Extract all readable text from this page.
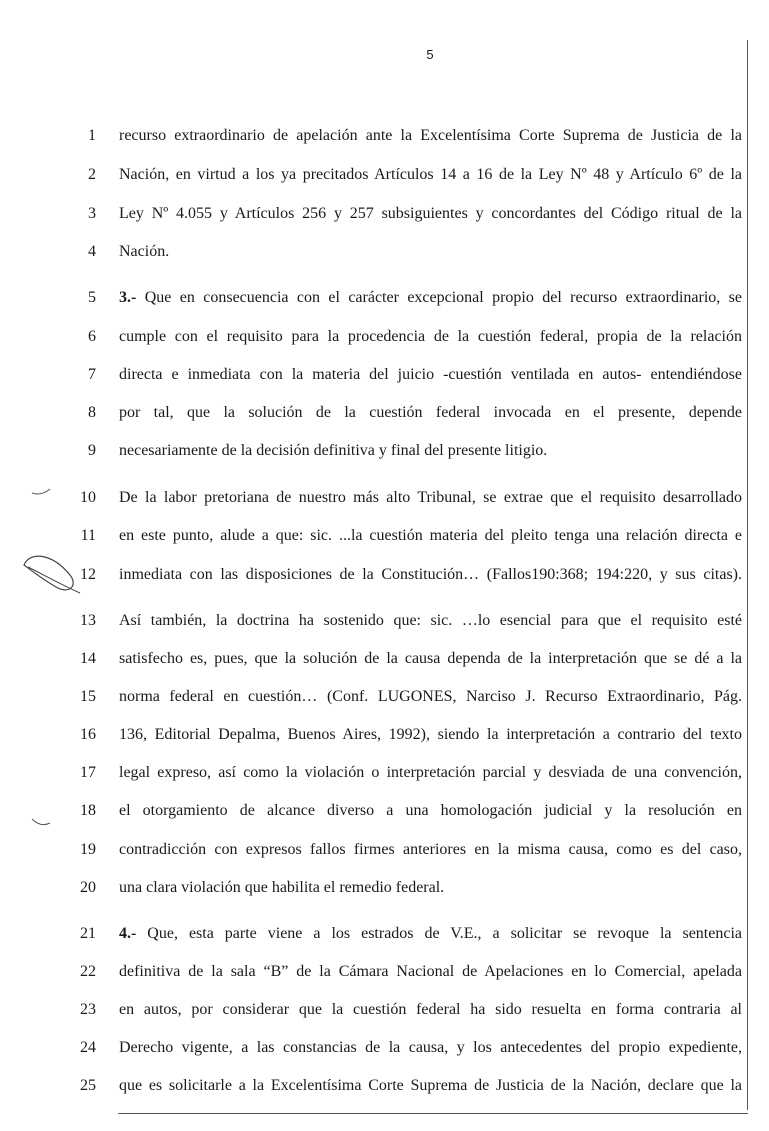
5
1 recurso extraordinario de apelación ante la Excelentísima Corte Suprema de Justicia de la
2 Nación, en virtud a los ya precitados Artículos 14 a 16 de la Ley Nº 48 y Artículo 6º de la
3 Ley Nº 4.055 y Artículos 256 y 257 subsiguientes y concordantes del Código ritual de la
4 Nación.
5 3.- Que en consecuencia con el carácter excepcional propio del recurso extraordinario, se
6 cumple con el requisito para la procedencia de la cuestión federal, propia de la relación
7 directa e inmediata con la materia del juicio -cuestión ventilada en autos- entendiéndose
8 por tal, que la solución de la cuestión federal invocada en el presente, depende
9 necesariamente de la decisión definitiva y final del presente litigio.
10 De la labor pretoriana de nuestro más alto Tribunal, se extrae que el requisito desarrollado
11 en este punto, alude a que: sic. ...la cuestión materia del pleito tenga una relación directa e
12 inmediata con las disposiciones de la Constitución… (Fallos190:368; 194:220, y sus citas).
13 Así también, la doctrina ha sostenido que: sic. …lo esencial para que el requisito esté
14 satisfecho es, pues, que la solución de la causa dependa de la interpretación que se dé a la
15 norma federal en cuestión… (Conf. LUGONES, Narciso J. Recurso Extraordinario, Pág.
16 136, Editorial Depalma, Buenos Aires, 1992), siendo la interpretación a contrario del texto
17 legal expreso, así como la violación o interpretación parcial y desviada de una convención,
18 el otorgamiento de alcance diverso a una homologación judicial y la resolución en
19 contradicción con expresos fallos firmes anteriores en la misma causa, como es del caso,
20 una clara violación que habilita el remedio federal.
21 4.- Que, esta parte viene a los estrados de V.E., a solicitar se revoque la sentencia
22 definitiva de la sala “B” de la Cámara Nacional de Apelaciones en lo Comercial, apelada
23 en autos, por considerar que la cuestión federal ha sido resuelta en forma contraria al
24 Derecho vigente, a las constancias de la causa, y los antecedentes del propio expediente,
25 que es solicitarle a la Excelentísima Corte Suprema de Justicia de la Nación, declare que la
